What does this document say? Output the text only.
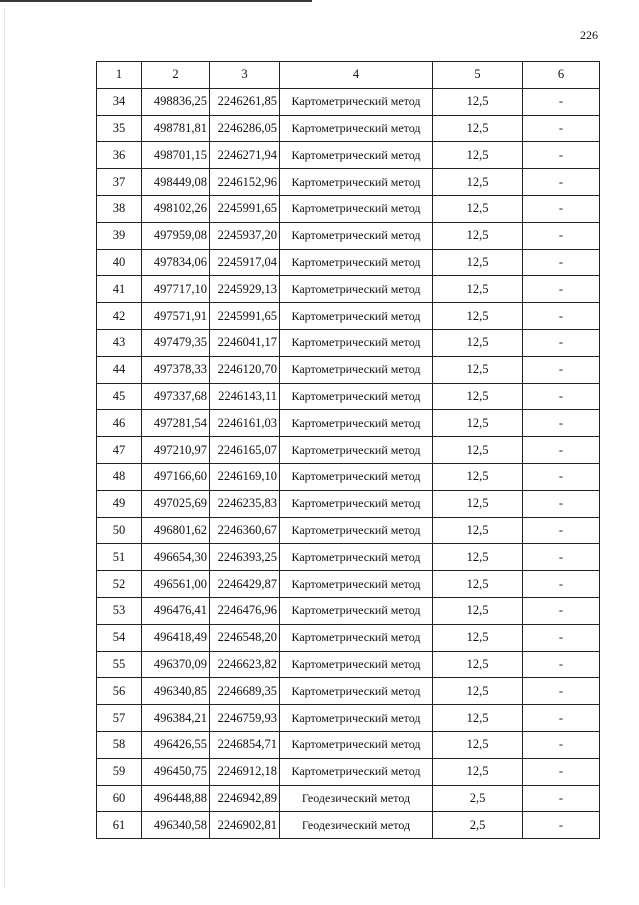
226
1	2	3	4	5	6
34	498836,25	2246261,85	Картометрический метод	12,5	-
35	498781,81	2246286,05	Картометрический метод	12,5	-
36	498701,15	2246271,94	Картометрический метод	12,5	-
37	498449,08	2246152,96	Картометрический метод	12,5	-
38	498102,26	2245991,65	Картометрический метод	12,5	-
39	497959,08	2245937,20	Картометрический метод	12,5	-
40	497834,06	2245917,04	Картометрический метод	12,5	-
41	497717,10	2245929,13	Картометрический метод	12,5	-
42	497571,91	2245991,65	Картометрический метод	12,5	-
43	497479,35	2246041,17	Картометрический метод	12,5	-
44	497378,33	2246120,70	Картометрический метод	12,5	-
45	497337,68	2246143,11	Картометрический метод	12,5	-
46	497281,54	2246161,03	Картометрический метод	12,5	-
47	497210,97	2246165,07	Картометрический метод	12,5	-
48	497166,60	2246169,10	Картометрический метод	12,5	-
49	497025,69	2246235,83	Картометрический метод	12,5	-
50	496801,62	2246360,67	Картометрический метод	12,5	-
51	496654,30	2246393,25	Картометрический метод	12,5	-
52	496561,00	2246429,87	Картометрический метод	12,5	-
53	496476,41	2246476,96	Картометрический метод	12,5	-
54	496418,49	2246548,20	Картометрический метод	12,5	-
55	496370,09	2246623,82	Картометрический метод	12,5	-
56	496340,85	2246689,35	Картометрический метод	12,5	-
57	496384,21	2246759,93	Картометрический метод	12,5	-
58	496426,55	2246854,71	Картометрический метод	12,5	-
59	496450,75	2246912,18	Картометрический метод	12,5	-
60	496448,88	2246942,89	Геодезический метод	2,5	-
61	496340,58	2246902,81	Геодезический метод	2,5	-
